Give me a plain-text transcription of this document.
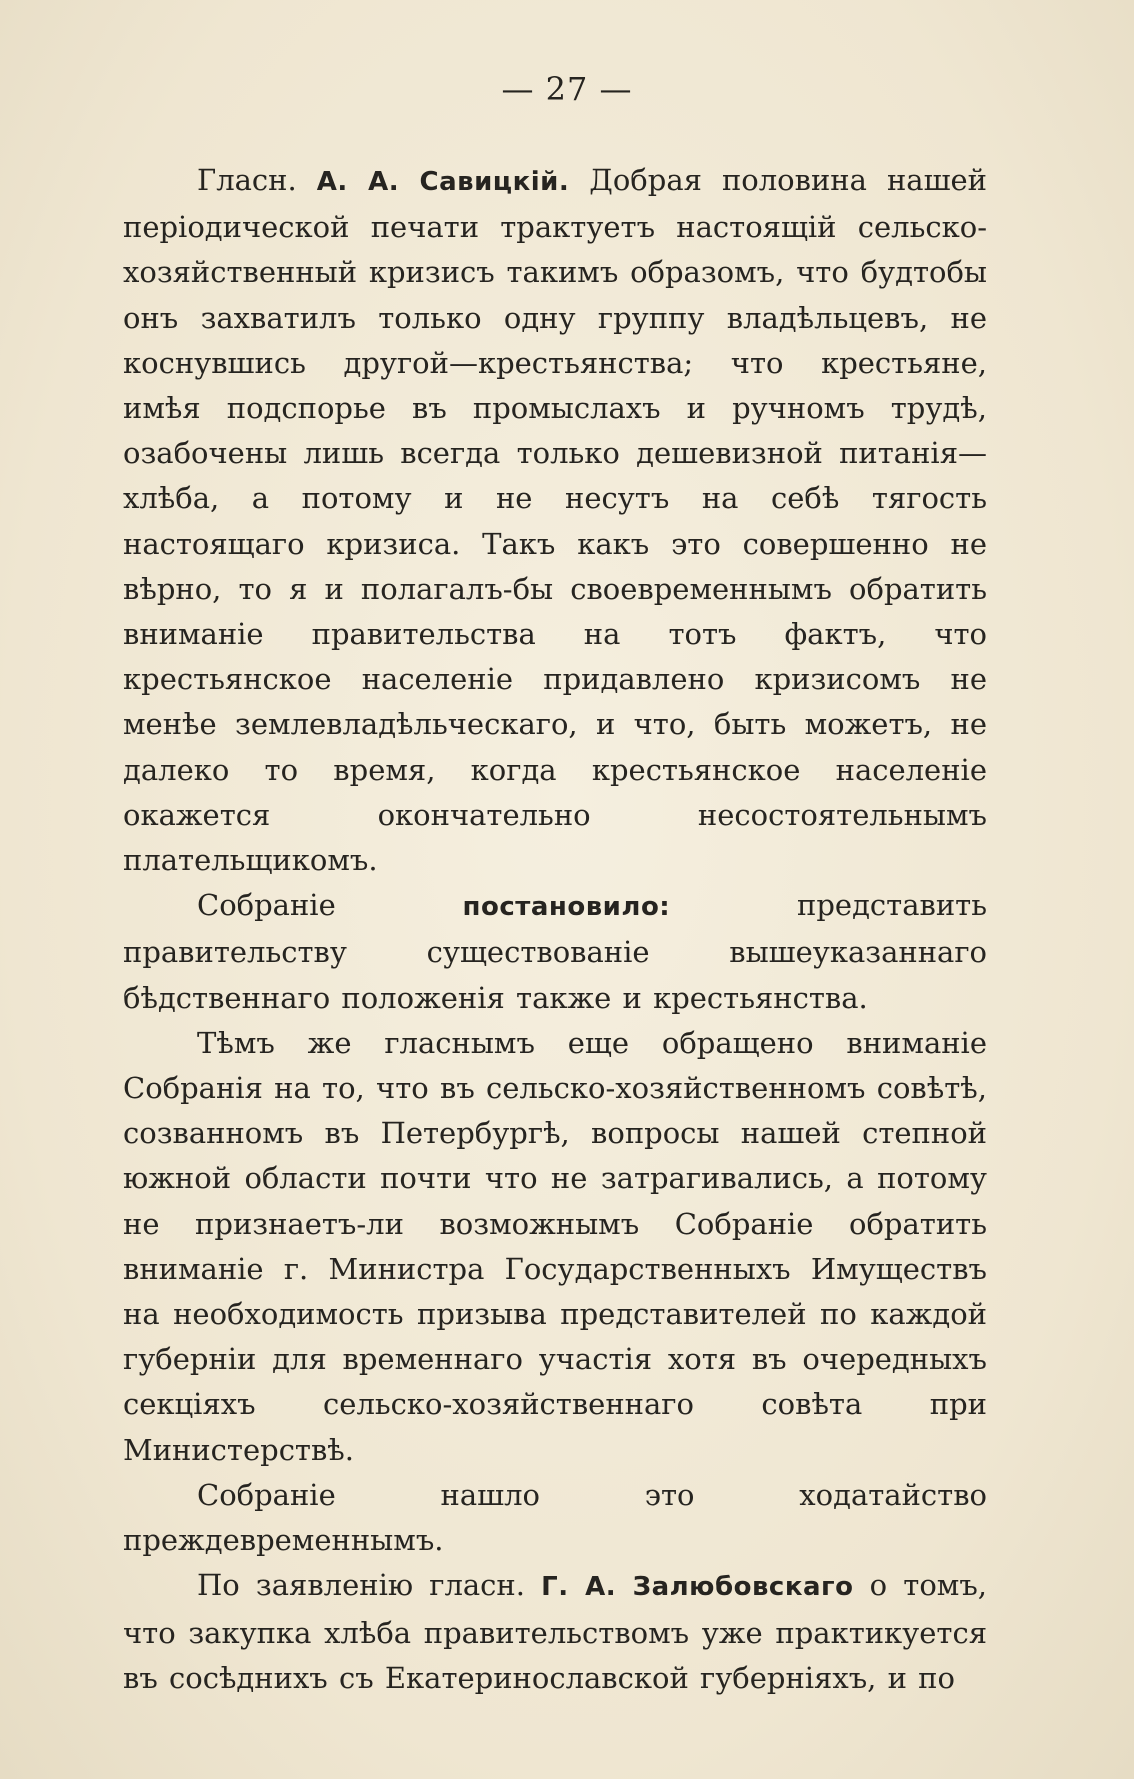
— 27 —

Гласн. А. А. Савицкій. Добрая половина нашей періодической печати трактуетъ настоящій сельско-хозяйственный кризисъ такимъ образомъ, что будтобы онъ захватилъ только одну группу владѣльцевъ, не коснувшись другой—крестьянства; что крестьяне, имѣя подспорье въ промыслахъ и ручномъ трудѣ, озабочены лишь всегда только дешевизной питанія—хлѣба, а потому и не несутъ на себѣ тягость настоящаго кризиса. Такъ какъ это совершенно не вѣрно, то я и полагалъ-бы своевременнымъ обратить вниманіе правительства на тотъ фактъ, что крестьянское населеніе придавлено кризисомъ не менѣе землевладѣльческаго, и что, быть можетъ, не далеко то время, когда крестьянское населеніе окажется окончательно несостоятельнымъ плательщикомъ.

Собраніе постановило: представить правительству существованіе вышеуказаннаго бѣдственнаго положенія также и крестьянства.

Тѣмъ же гласнымъ еще обращено вниманіе Собранія на то, что въ сельско-хозяйственномъ совѣтѣ, созванномъ въ Петербургѣ, вопросы нашей степной южной области почти что не затрагивались, а потому не признаетъ-ли возможнымъ Собраніе обратить вниманіе г. Министра Государственныхъ Имуществъ на необходимость призыва представителей по каждой губерніи для временнаго участія хотя въ очередныхъ секціяхъ сельско-хозяйственнаго совѣта при Министерствѣ.

Собраніе нашло это ходатайство преждевременнымъ.

По заявленію гласн. Г. А. Залюбовскаго о томъ, что закупка хлѣба правительствомъ уже практикуется въ сосѣднихъ съ Екатеринославской губерніяхъ, и по
